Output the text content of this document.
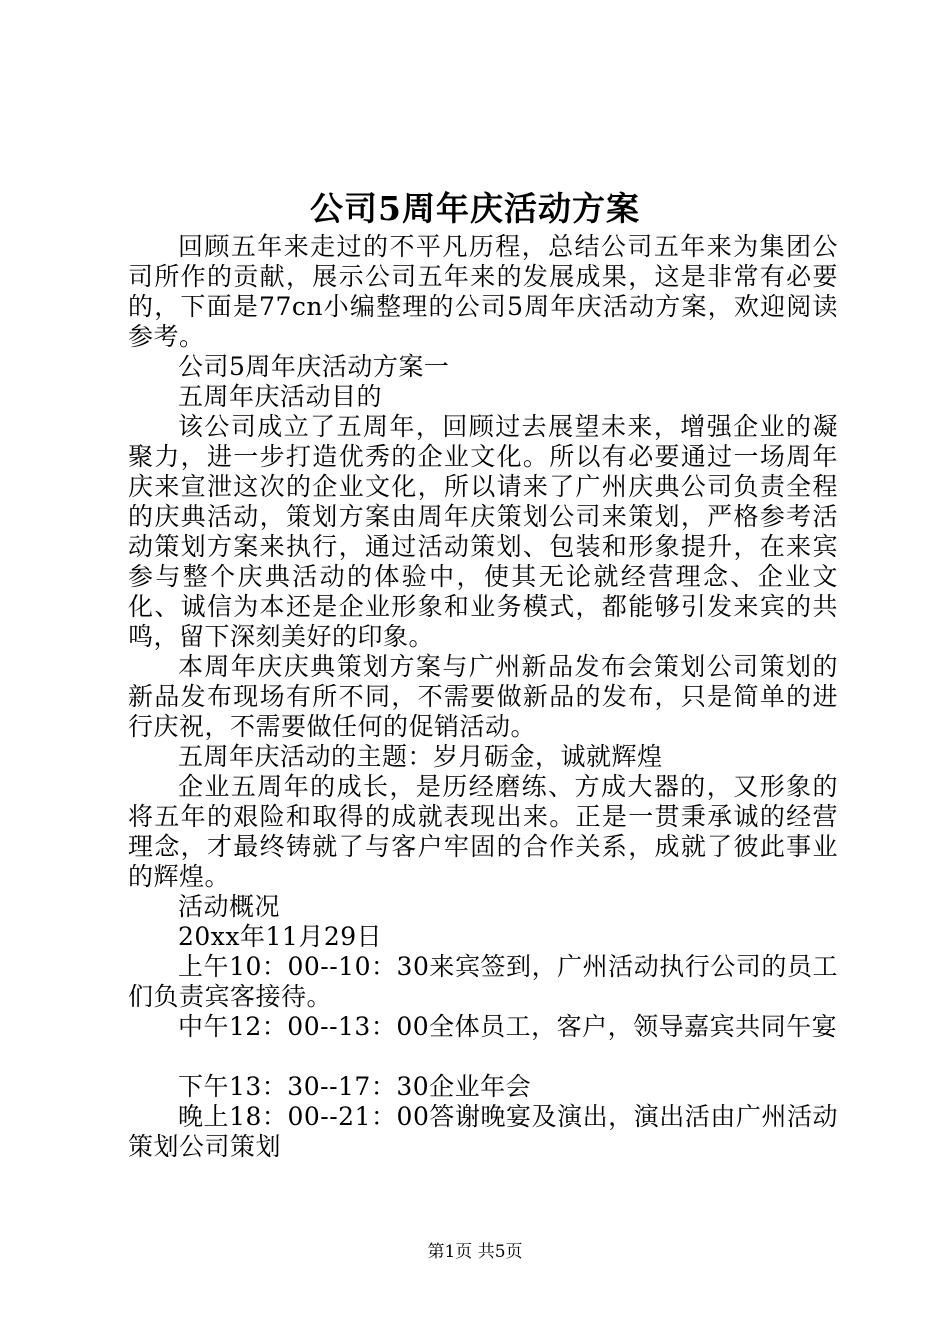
公司5周年庆活动方案

回顾五年来走过的不平凡历程，总结公司五年来为集团公司所作的贡献，展示公司五年来的发展成果，这是非常有必要的，下面是77cn小编整理的公司5周年庆活动方案，欢迎阅读参考。

公司5周年庆活动方案一

五周年庆活动目的

该公司成立了五周年，回顾过去展望未来，增强企业的凝聚力，进一步打造优秀的企业文化。所以有必要通过一场周年庆来宣泄这次的企业文化，所以请来了广州庆典公司负责全程的庆典活动，策划方案由周年庆策划公司来策划，严格参考活动策划方案来执行，通过活动策划、包装和形象提升，在来宾参与整个庆典活动的体验中，使其无论就经营理念、企业文化、诚信为本还是企业形象和业务模式，都能够引发来宾的共鸣，留下深刻美好的印象。

本周年庆庆典策划方案与广州新品发布会策划公司策划的新品发布现场有所不同，不需要做新品的发布，只是简单的进行庆祝，不需要做任何的促销活动。

五周年庆活动的主题：岁月砺金，诚就辉煌

企业五周年的成长，是历经磨练、方成大器的，又形象的将五年的艰险和取得的成就表现出来。正是一贯秉承诚的经营理念，才最终铸就了与客户牢固的合作关系，成就了彼此事业的辉煌。

活动概况

20xx年11月29日

上午10：00--10：30来宾签到，广州活动执行公司的员工们负责宾客接待。

中午12：00--13：00全体员工，客户，领导嘉宾共同午宴

下午13：30--17：30企业年会

晚上18：00--21：00答谢晚宴及演出，演出活由广州活动策划公司策划

第1页 共5页
